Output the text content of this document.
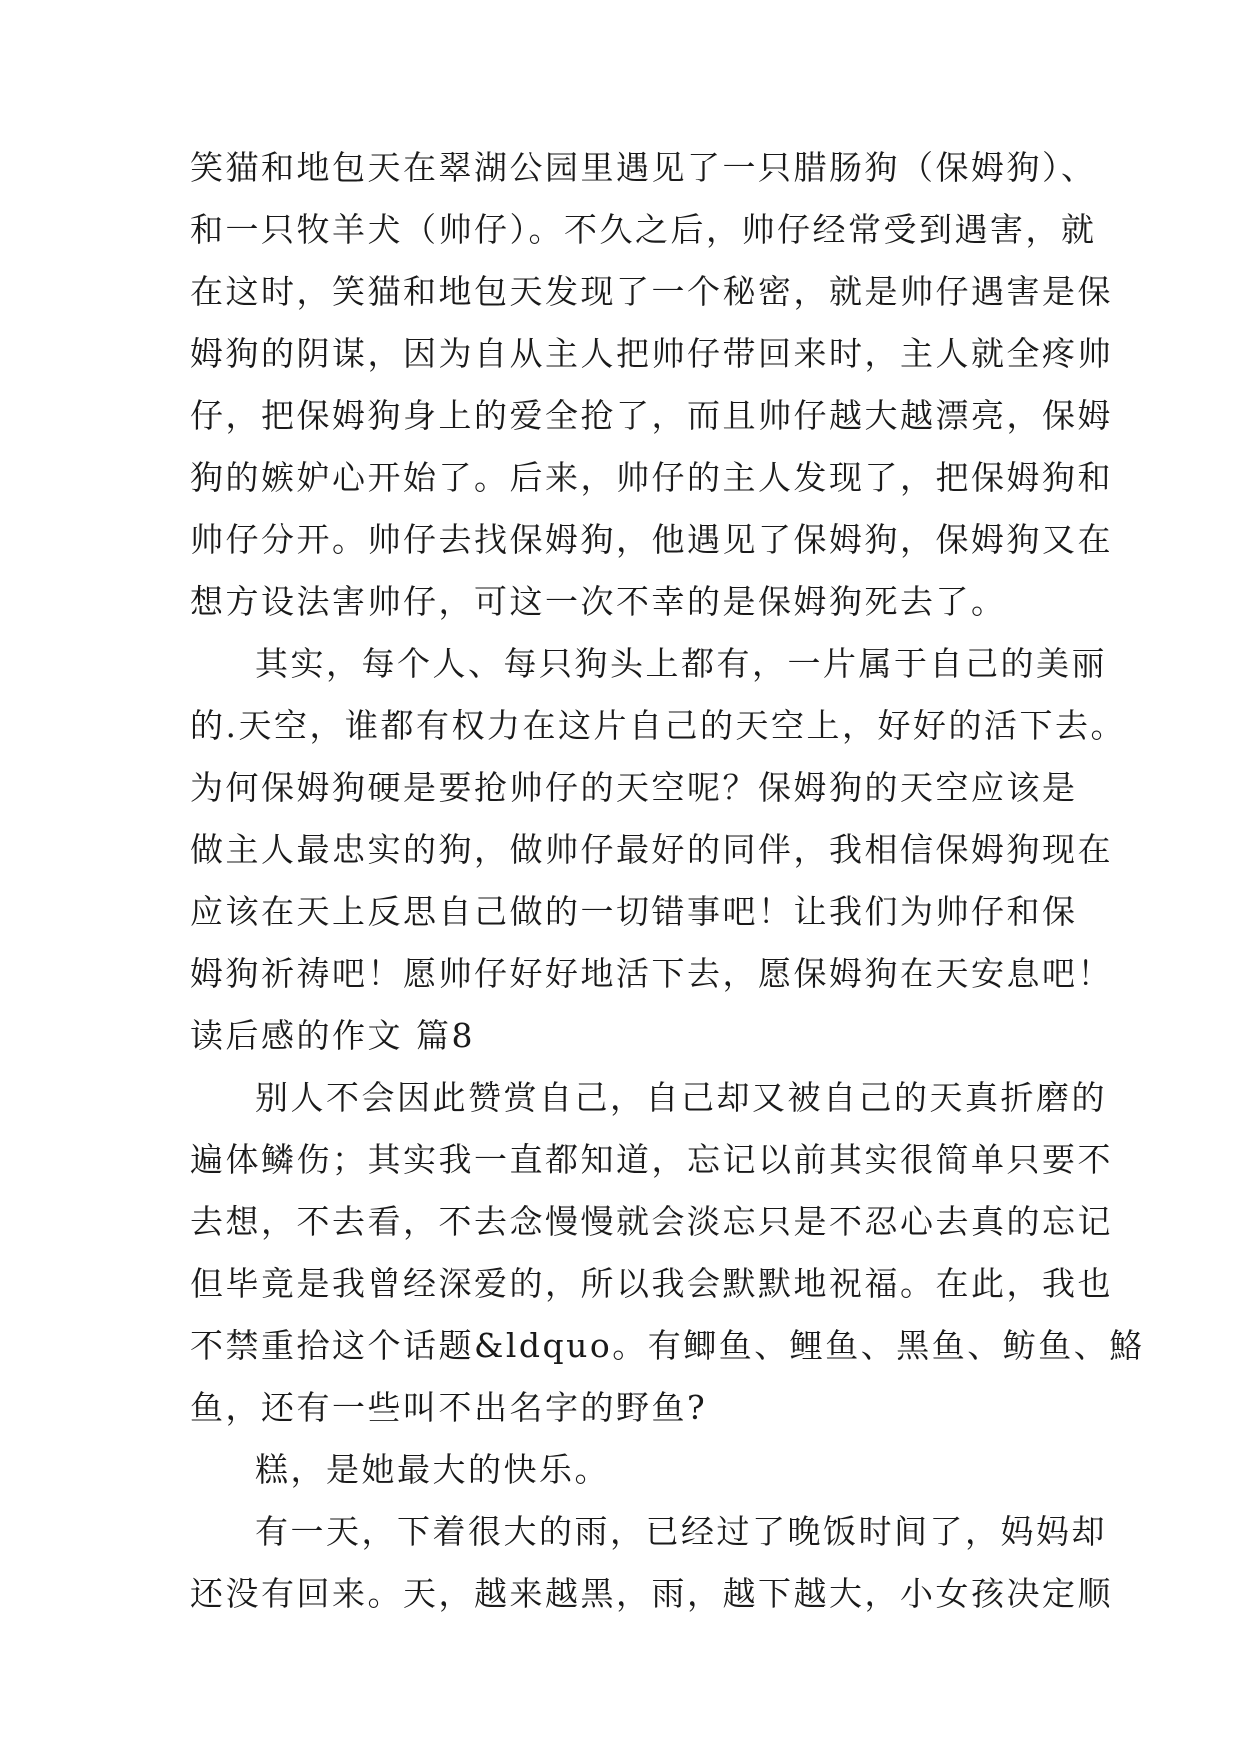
笑猫和地包天在翠湖公园里遇见了一只腊肠狗（保姆狗）、
和一只牧羊犬（帅仔）。不久之后，帅仔经常受到遇害，就
在这时，笑猫和地包天发现了一个秘密，就是帅仔遇害是保
姆狗的阴谋，因为自从主人把帅仔带回来时，主人就全疼帅
仔，把保姆狗身上的爱全抢了，而且帅仔越大越漂亮，保姆
狗的嫉妒心开始了。后来，帅仔的主人发现了，把保姆狗和
帅仔分开。帅仔去找保姆狗，他遇见了保姆狗，保姆狗又在
想方设法害帅仔，可这一次不幸的是保姆狗死去了。
其实，每个人、每只狗头上都有，一片属于自己的美丽
的.天空，谁都有权力在这片自己的天空上，好好的活下去。
为何保姆狗硬是要抢帅仔的天空呢？保姆狗的天空应该是
做主人最忠实的狗，做帅仔最好的同伴，我相信保姆狗现在
应该在天上反思自己做的一切错事吧！让我们为帅仔和保
姆狗祈祷吧！愿帅仔好好地活下去，愿保姆狗在天安息吧！
读后感的作文 篇8
别人不会因此赞赏自己，自己却又被自己的天真折磨的
遍体鳞伤；其实我一直都知道，忘记以前其实很简单只要不
去想，不去看，不去念慢慢就会淡忘只是不忍心去真的忘记
但毕竟是我曾经深爱的，所以我会默默地祝福。在此，我也
不禁重拾这个话题&ldquo。有鲫鱼、鲤鱼、黑鱼、鲂鱼、鮥
鱼，还有一些叫不出名字的野鱼?
糕，是她最大的快乐。
有一天，下着很大的雨，已经过了晚饭时间了，妈妈却
还没有回来。天，越来越黑，雨，越下越大，小女孩决定顺
